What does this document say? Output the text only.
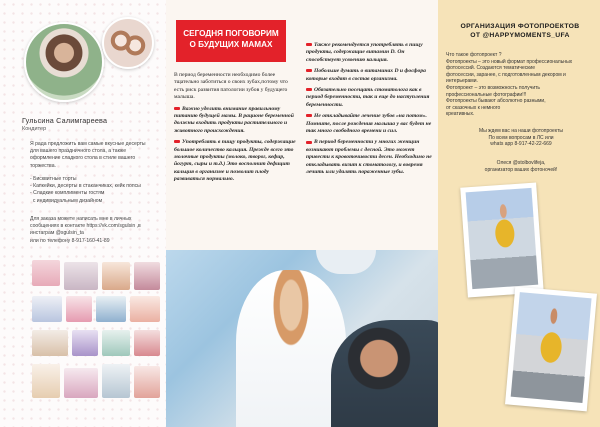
Гульсина Салимгареева
Кондитер

Я рада предложить вам самые вкусные десерты

для вашего праздничного стола, а также

оформление сладкого стола в стиле вашего

торжества.

- Бисквитные торты

- Капкейки, десерты в стаканчиках, кейк попсы

- Сладкие комплименты гостям

с индивидуальным дизайном

Для заказа можете написать мне в личных

сообщениях в контакте https://vk.com/sgulsin ,в

инстаграм @sgulsin_ta

или по телефону 8-917-160-41-89

СЕГОДНЯ ПОГОВОРИМ
О БУДУЩИХ МАМАХ
В период беременности необходимо более тщательно заботиться о своих зубах,потому что есть риск развития патологии зубов у будущего малыша.
Важно уделить внимание правильному питанию будущей мамы. В рационе беременной должны входить продукты растительного и животного происхождения.
Употреблять в пищу продукты, содержащие большое количество кальция. Прежде всего это молочные продукты (молоко, творог, кефир, йогурт, сыры и т.д.) Это восполнит дефицит кальция в организме и позволит плоду развиваться нормально.
Также рекомендуется употреблять в пищу продукты, содержащие витамин D. Он способствует усвоению кальция.
Побольше думать о витаминах D и фосфора которые входят в состав организма.
Обязательно посещать стоматолога как в период беременности, так и еще до наступления беременности.
Не откладывайте лечение зубов «на потом». Помните, после рождения малыша у вас будет не так много свободного времени и сил.
В период беременности у многих женщин возникают проблемы с десной. Это может привести к кровоточивости десен. Необходимо не откладывать визит к стоматологу, и вовремя лечить или удалять пораженные зубы.
ОРГАНИЗАЦИЯ ФОТОПРОЕКТОВ
ОТ @HAPPYMOMENTS_UFA

Что такое фотопроект ?

Фотопроекты – это новый формат профессиональных

фотосессий. Создаются тематические

фотосессии, заранее, с подготовленным декором и

интерьерами.

Фотопроект – это возможность получить

профессиональные фотографии!!!

Фотопроекты бывают абсолютно разными,

от сказочных к немного

креативных.

Мы ждем вас на наши фотопроекты

По всем вопросам в ЛС или

whats app 8-917-42-22-669

Олеся @stolbovlifeja,

организатор ваших фотоночей!
